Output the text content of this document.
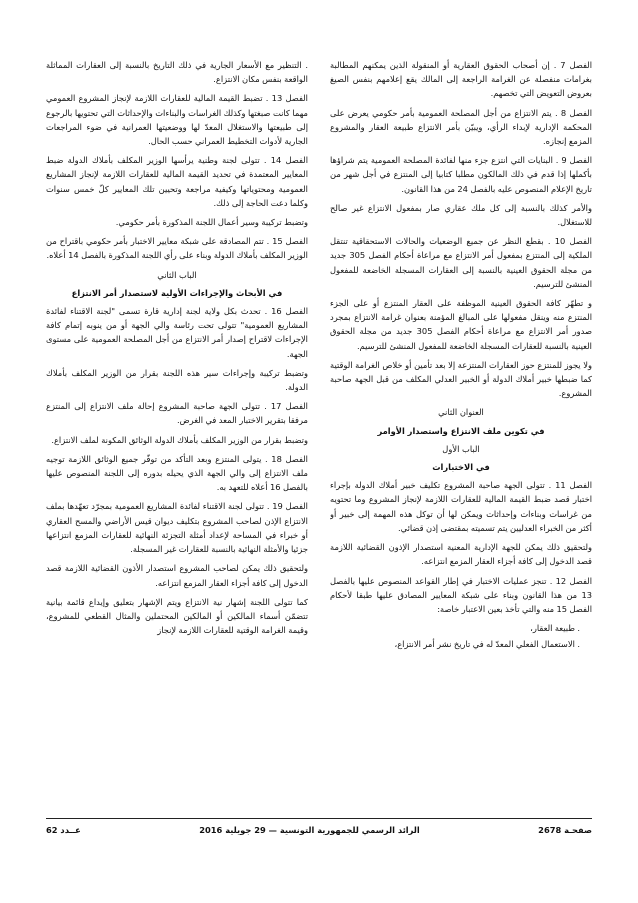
الفصل 7 . إن أصحاب الحقوق العقارية أو المنقولة الذين يمكنهم المطالبة بغرامات منفصلة عن الغرامة الراجعة إلى المالك يقع إعلامهم بنفس الصيغ بعروض التعويض التي تخصهم.

الفصل 8 . يتم الانتزاع من أجل المصلحة العمومية بأمر حكومي يعرض على المحكمة الإدارية لإبداء الرأي، ويبيّن بأمر الانتزاع طبيعة العقار والمشروع المزمع إنجازه.

الفصل 9 . البنايات التي انتزع جزء منها لفائدة المصلحة العمومية يتم شراؤها بأكملها إذا قدم في ذلك المالكون مطلبا كتابيا إلى المنتزع في أجل شهر من تاريخ الإعلام المنصوص عليه بالفصل 24 من هذا القانون.

والأمر كذلك بالنسبة إلى كل ملك عقاري صار بمفعول الانتزاع غير صالح للاستغلال.

الفصل 10 . بقطع النظر عن جميع الوضعيات والحالات الاستحقاقية تنتقل الملكية إلى المنتزع بمفعول أمر الانتزاع مع مراعاة أحكام الفصل 305 جديد من مجلة الحقوق العينية بالنسبة إلى العقارات المسجلة الخاضعة للمفعول المنشئ للترسيم.

و تطهّر كافة الحقوق العينية الموظفة على العقار المنتزع أو على الجزء المنتزع منه وينقل مفعولها على المبالغ المؤمنة بعنوان غرامة الانتزاع بمجرد صدور أمر الانتزاع مع مراعاة أحكام الفصل 305 جديد من مجلة الحقوق العينية بالنسبة للعقارات المسجلة الخاضعة للمفعول المنشئ للترسيم.

ولا يجوز للمنتزع حوز العقارات المنتزعة إلا بعد تأمين أو خلاص الغرامة الوقتية كما ضبطها خبير أملاك الدولة أو الخبير العدلي المكلف من قبل الجهة صاحبة المشروع.

العنوان الثاني

في تكوين ملف الانتزاع واستصدار الأوامر

الباب الأول

في الاختبارات

الفصل 11 . تتولى الجهة صاحبة المشروع تكليف خبير أملاك الدولة بإجراء اختبار قصد ضبط القيمة المالية للعقارات اللازمة لإنجاز المشروع وما تحتويه من غراسات وبناءات وإحداثات ويمكن لها أن توكل هذه المهمة إلى خبير أو أكثر من الخبراء العدليين يتم تسميته بمقتضى إذن قضائي.

ولتحقيق ذلك يمكن للجهة الإدارية المعنية استصدار الإذون القضائية اللازمة قصد الدخول إلى كافة أجزاء العقار المزمع انتزاعه.

الفصل 12 . تنجز عمليات الاختبار في إطار القواعد المنصوص عليها بالفصل 13 من هذا القانون وبناء على شبكة المعايير المصادق عليها طبقا لأحكام الفصل 15 منه والتي تأخذ بعين الاعتبار خاصة:

. طبيعة العقار،

. الاستعمال الفعلي المعدّ له في تاريخ نشر أمر الانتزاع،

. التنظير مع الأسعار الجارية في ذلك التاريخ بالنسبة إلى العقارات المماثلة الواقعة بنفس مكان الانتزاع.

الفصل 13 . تضبط القيمة المالية للعقارات اللازمة لإنجاز المشروع العمومي مهما كانت صبغتها وكذلك الغراسات والبناءات والإحداثات التي تحتويها بالرجوع إلى طبيعتها والاستغلال المعدّ لها ووضعيتها العمرانية في ضوء المراجعات الجارية لأدوات التخطيط العمراني حسب الحال.

الفصل 14 . تتولى لجنة وطنية يرأسها الوزير المكلف بأملاك الدولة ضبط المعايير المعتمدة في تحديد القيمة المالية للعقارات اللازمة لإنجاز المشاريع العمومية ومحتوياتها وكيفية مراجعة وتحيين تلك المعايير كلّ خمس سنوات وكلما دعت الحاجة إلى ذلك.

وتضبط تركيبة وسير أعمال اللجنة المذكورة بأمر حكومي.

الفصل 15 . تتم المصادقة على شبكة معايير الاختبار بأمر حكومي باقتراح من الوزير المكلف بأملاك الدولة وبناء على رأي اللجنة المذكورة بالفصل 14 أعلاه.

الباب الثاني

في الأبحاث والإجراءات الأولية لاستصدار أمر الانتزاع

الفصل 16 . تحدث بكل ولاية لجنة إدارية قارة تسمى "لجنة الاقتناء لفائدة المشاريع العمومية" تتولى تحت رئاسة والي الجهة أو من ينوبه إتمام كافة الإجراءات لاقتراح إصدار أمر الانتزاع من أجل المصلحة العمومية على مستوى الجهة.

وتضبط تركيبة وإجراءات سير هذه اللجنة بقرار من الوزير المكلف بأملاك الدولة.

الفصل 17 . تتولى الجهة صاحبة المشروع إحالة ملف الانتزاع إلى المنتزع مرفقا بتقرير الاختبار المعد في الغرض.

وتضبط بقرار من الوزير المكلف بأملاك الدولة الوثائق المكونة لملف الانتزاع.

الفصل 18 . يتولى المنتزع وبعد التأكد من توفّر جميع الوثائق اللازمة توجيه ملف الانتزاع إلى والي الجهة الذي يحيله بدوره إلى اللجنة المنصوص عليها بالفصل 16 أعلاه للتعهد به.

الفصل 19 . تتولى لجنة الاقتناء لفائدة المشاريع العمومية بمجرّد تعهّدها بملف الانتزاع الإذن لصاحب المشروع بتكليف ديوان قيس الأراضي والمسح العقاري أو خبراء في المساحة لإعداد أمثلة التجزئة النهائية للعقارات المزمع انتزاعها جزئيا والأمثلة النهائية بالنسبة للعقارات غير المسجلة.

ولتحقيق ذلك يمكن لصاحب المشروع استصدار الأذون القضائية اللازمة قصد الدخول إلى كافة أجزاء العقار المزمع انتزاعه.

كما تتولى اللجنة إشهار نية الانتزاع ويتم الإشهار بتعليق وإيداع قائمة بيانية تتضمّن أسماء المالكين أو المالكين المحتملين والمثال القطعي للمشروع، وقيمة الغرامة الوقتية للعقارات اللازمة لإنجاز

صفحـة 2678
الرائد الرسمي للجمهورية التونسية — 29 جويلية 2016
عــدد 62
